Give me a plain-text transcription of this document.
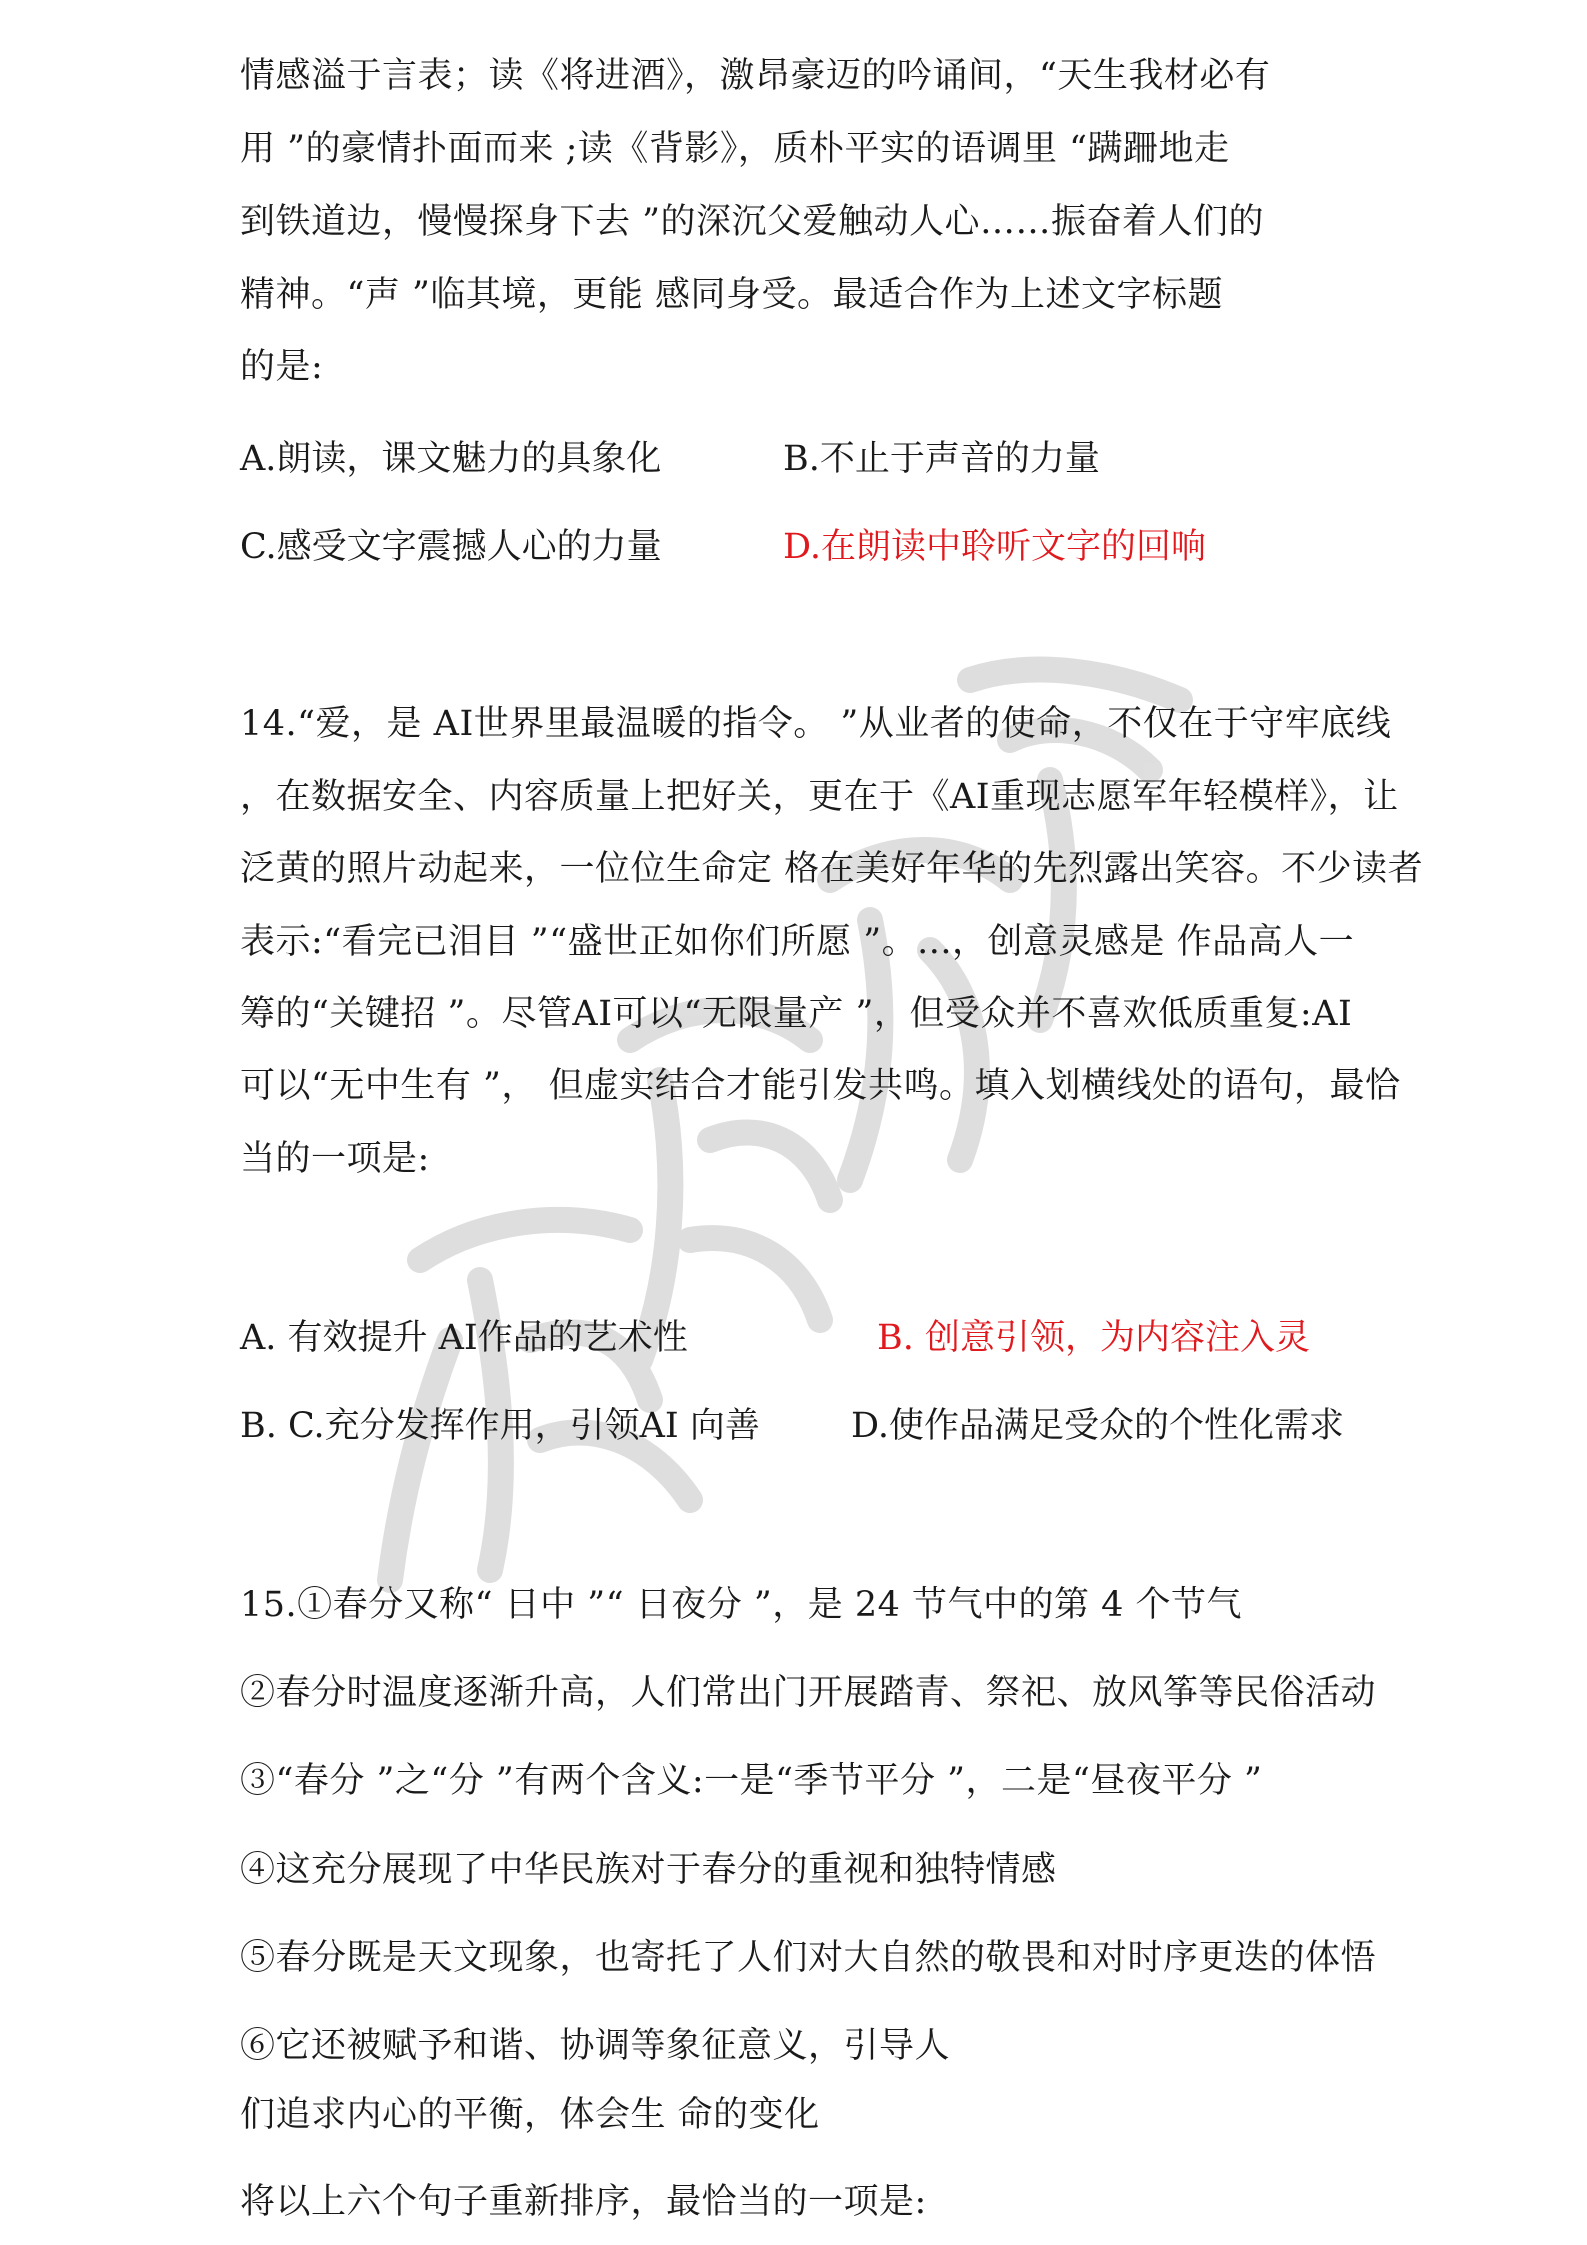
情感溢于言表；读《将进酒》，激昂豪迈的吟诵间，“天生我材必有
用 ”的豪情扑面而来 ;读《背影》，质朴平实的语调里 “蹒跚地走
到铁道边，慢慢探身下去 ”的深沉父爱触动人心……振奋着人们的
精神。“声 ”临其境，更能 感同身受。最适合作为上述文字标题
的是:
A.朗读，课文魅力的具象化	B.不止于声音的力量
C.感受文字震撼人心的力量	D.在朗读中聆听文字的回响
14.“爱，是 AI世界里最温暖的指令。 ”从业者的使命，不仅在于守牢底线
，在数据安全、内容质量上把好关，更在于《AI重现志愿军年轻模样》，让
泛黄的照片动起来，一位位生命定 格在美好年华的先烈露出笑容。不少读者
表示:“看完已泪目 ”“盛世正如你们所愿 ”。...，创意灵感是 作品高人一
筹的“关键招 ”。尽管AI可以“无限量产 ”，但受众并不喜欢低质重复:AI
可以“无中生有 ”， 但虚实结合才能引发共鸣。填入划横线处的语句，最恰
当的一项是:
A. 有效提升 AI作品的艺术性	B. 创意引领，为内容注入灵
B. C.充分发挥作用，引领AI 向善	D.使作品满足受众的个性化需求
15.①春分又称“ 日中 ”“ 日夜分 ”，是 24 节气中的第 4 个节气
②春分时温度逐渐升高，人们常出门开展踏青、祭祀、放风筝等民俗活动
③“春分 ”之“分 ”有两个含义:一是“季节平分 ”，二是“昼夜平分 ”
④这充分展现了中华民族对于春分的重视和独特情感
⑤春分既是天文现象，也寄托了人们对大自然的敬畏和对时序更迭的体悟
⑥它还被赋予和谐、协调等象征意义，引导人
们追求内心的平衡，体会生 命的变化
将以上六个句子重新排序，最恰当的一项是:
